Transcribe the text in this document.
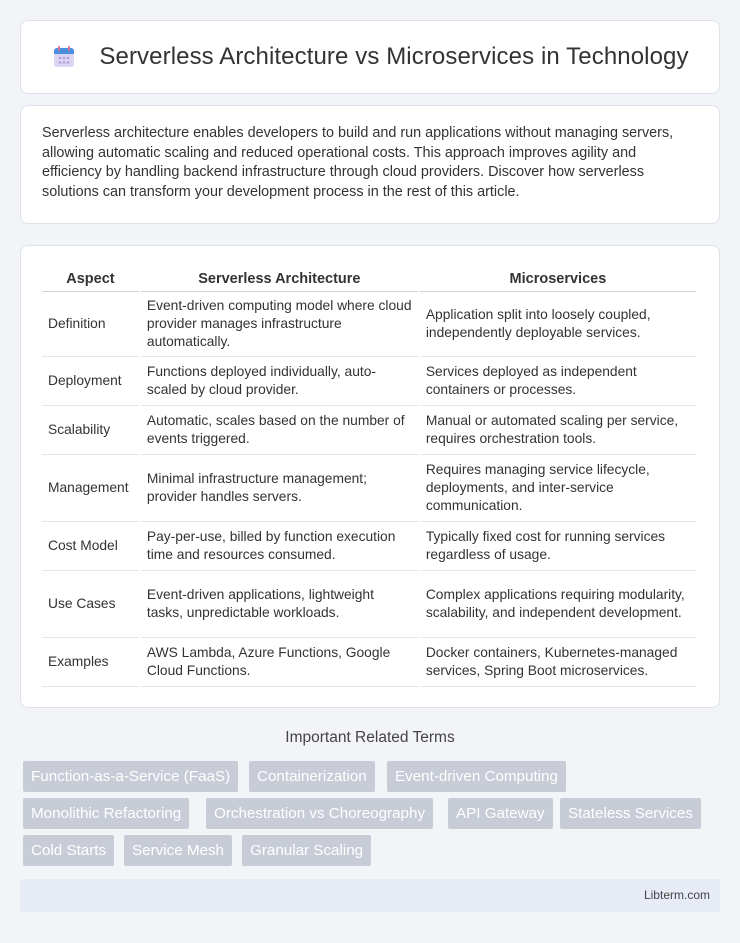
Serverless Architecture vs Microservices in Technology

Serverless architecture enables developers to build and run applications without managing servers, allowing automatic scaling and reduced operational costs. This approach improves agility and efficiency by handling backend infrastructure through cloud providers. Discover how serverless solutions can transform your development process in the rest of this article.

Aspect	Serverless Architecture	Microservices
Definition	Event-driven computing model where cloud provider manages infrastructure automatically.	Application split into loosely coupled, independently deployable services.
Deployment	Functions deployed individually, auto-scaled by cloud provider.	Services deployed as independent containers or processes.
Scalability	Automatic, scales based on the number of events triggered.	Manual or automated scaling per service, requires orchestration tools.
Management	Minimal infrastructure management; provider handles servers.	Requires managing service lifecycle, deployments, and inter-service communication.
Cost Model	Pay-per-use, billed by function execution time and resources consumed.	Typically fixed cost for running services regardless of usage.
Use Cases	Event-driven applications, lightweight tasks, unpredictable workloads.	Complex applications requiring modularity, scalability, and independent development.
Examples	AWS Lambda, Azure Functions, Google Cloud Functions.	Docker containers, Kubernetes-managed services, Spring Boot microservices.
Important Related Terms
Function-as-a-Service (FaaS)	Containerization	Event-driven Computing
Monolithic Refactoring	Orchestration vs Choreography	API Gateway	Stateless Services
Cold Starts	Service Mesh	Granular Scaling
Libterm.com
